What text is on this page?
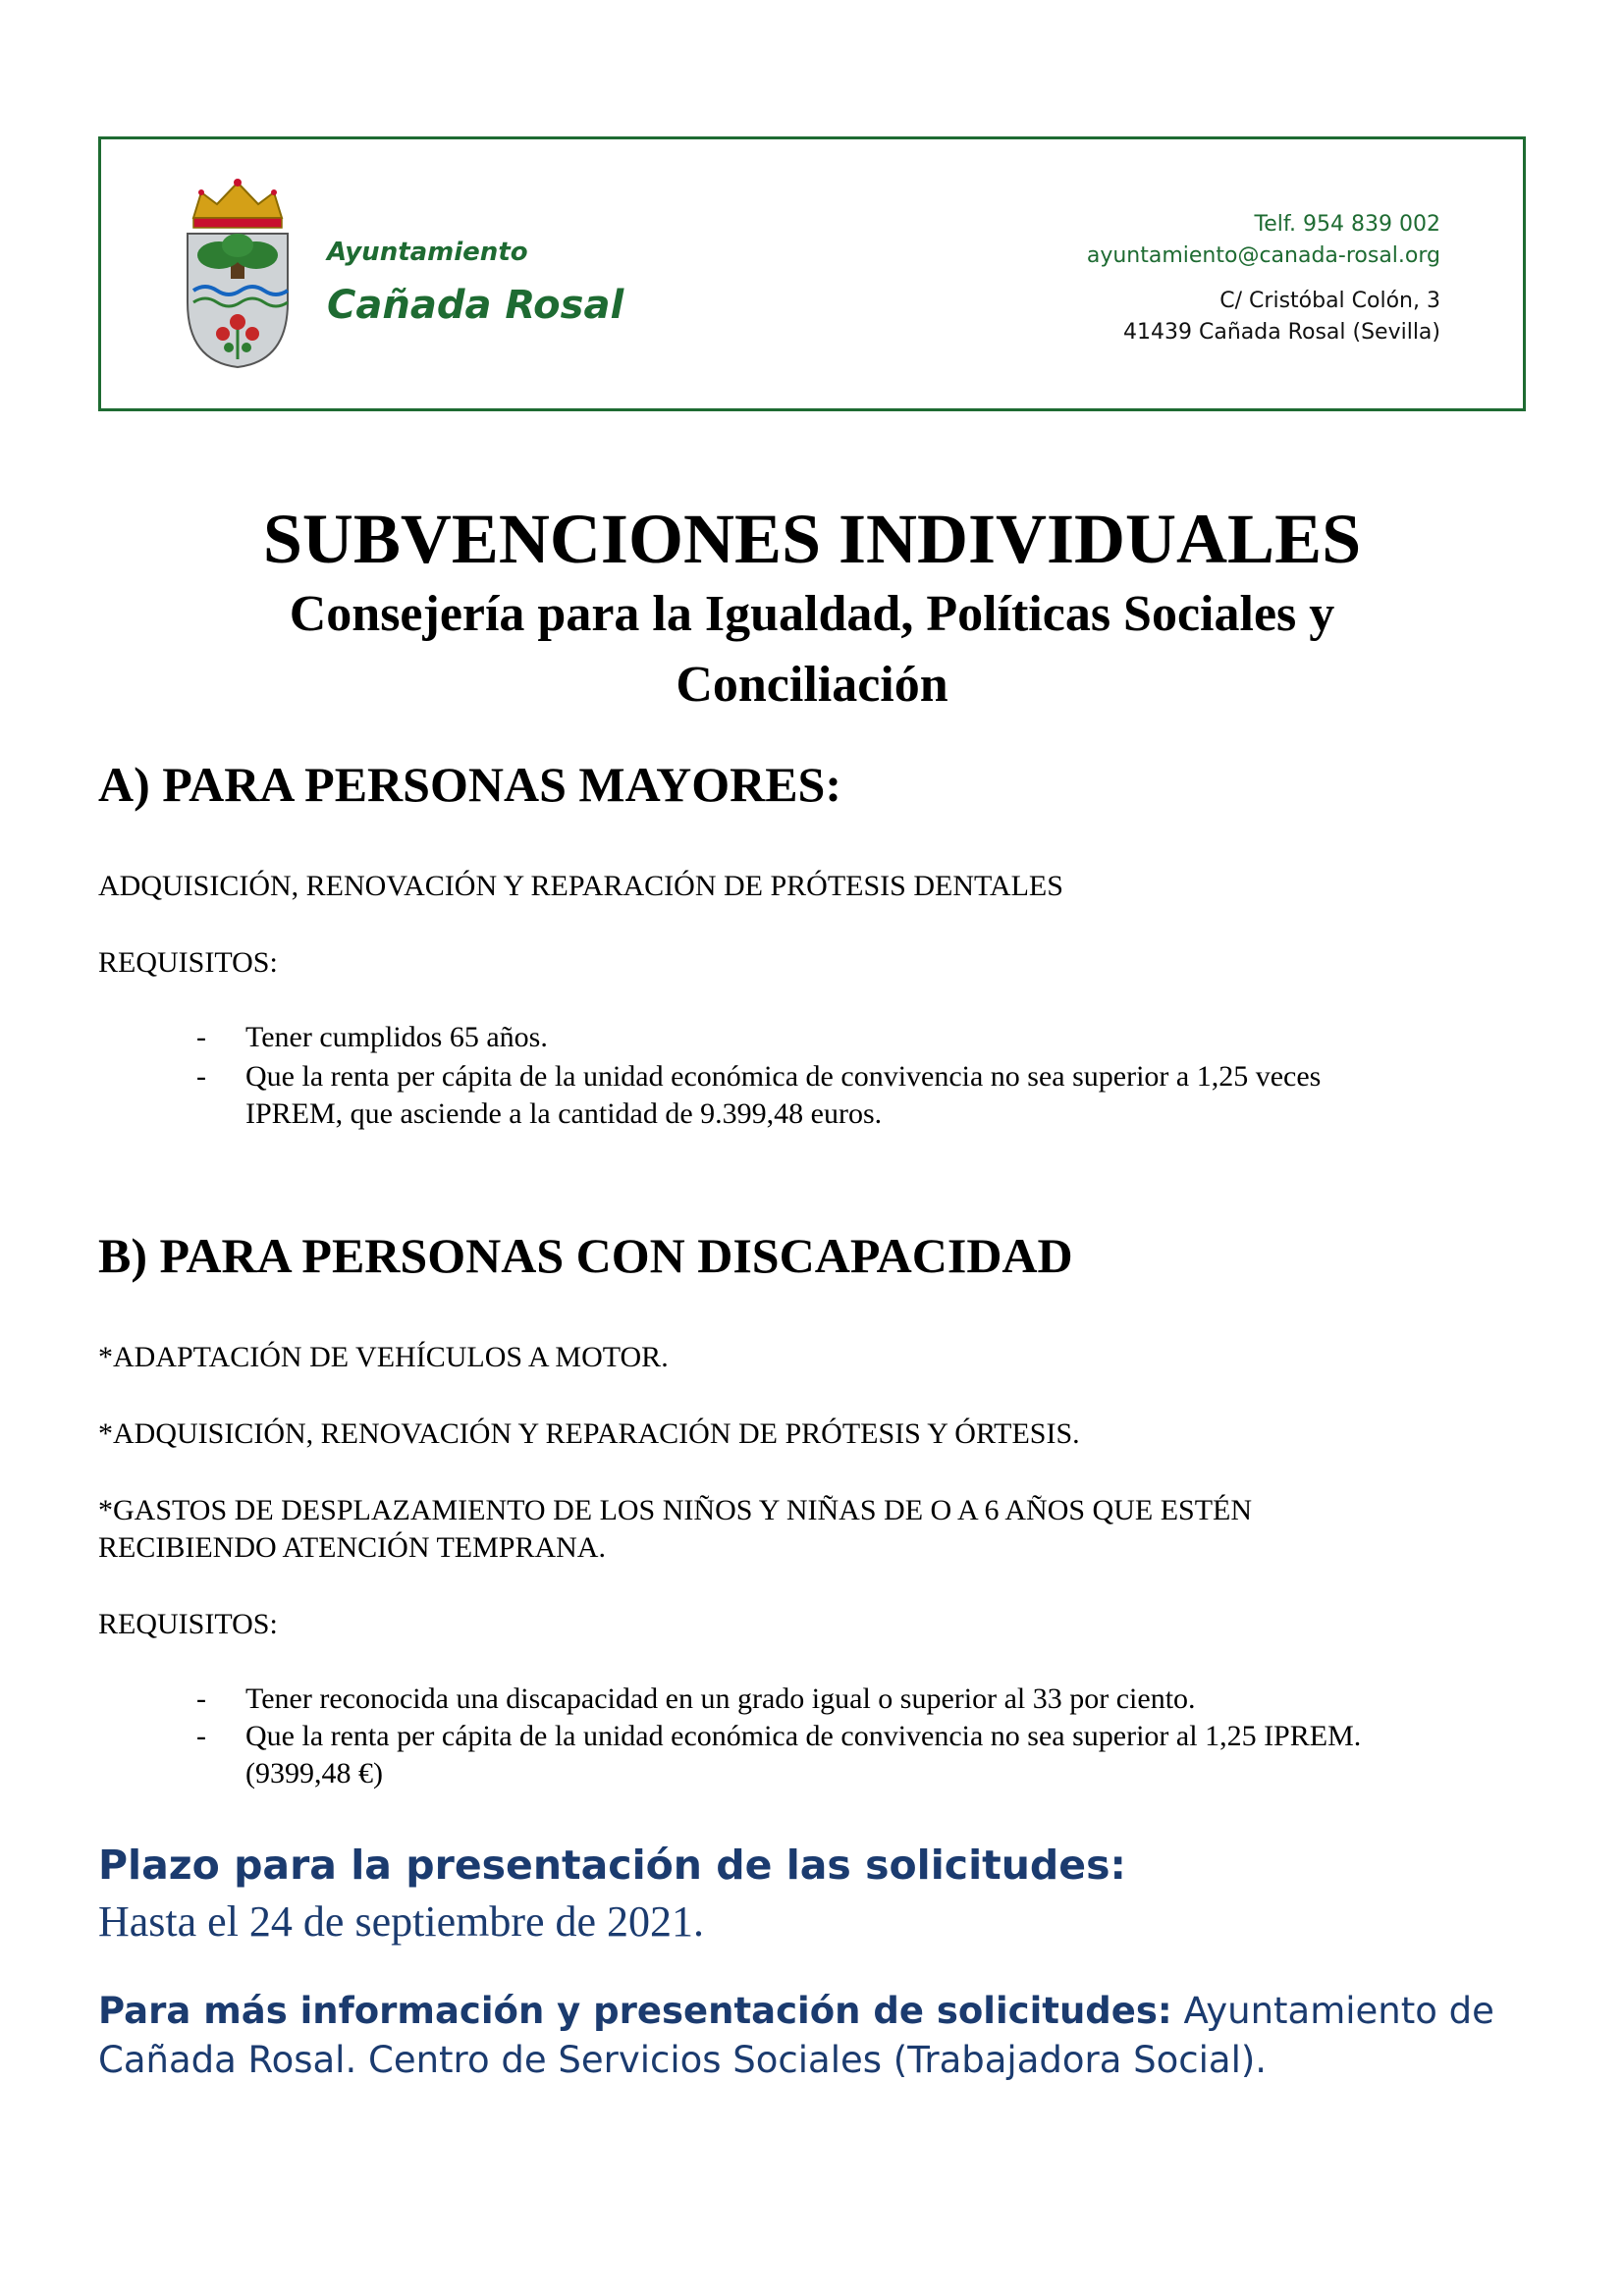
Ayuntamiento
Cañada Rosal
Telf. 954 839 002
ayuntamiento@canada-rosal.org
C/ Cristóbal Colón, 3
41439 Cañada Rosal (Sevilla)
SUBVENCIONES INDIVIDUALES
Consejería para la Igualdad, Políticas Sociales y
Conciliación
A) PARA PERSONAS MAYORES:
ADQUISICIÓN, RENOVACIÓN Y REPARACIÓN DE PRÓTESIS DENTALES
REQUISITOS:
- Tener cumplidos 65 años.
- Que la renta per cápita de la unidad económica de convivencia no sea superior a 1,25 veces
IPREM, que asciende a la cantidad de 9.399,48 euros.
B) PARA PERSONAS CON DISCAPACIDAD
*ADAPTACIÓN DE VEHÍCULOS A MOTOR.
*ADQUISICIÓN, RENOVACIÓN Y REPARACIÓN DE PRÓTESIS Y ÓRTESIS.
*GASTOS DE DESPLAZAMIENTO DE LOS NIÑOS Y NIÑAS DE O A 6 AÑOS QUE ESTÉN
RECIBIENDO ATENCIÓN TEMPRANA.
REQUISITOS:
- Tener reconocida una discapacidad en un grado igual o superior al 33 por ciento.
- Que la renta per cápita de la unidad económica de convivencia no sea superior al 1,25 IPREM.
(9399,48 €)
Plazo para la presentación de las solicitudes:
Hasta el 24 de septiembre de 2021.
Para más información y presentación de solicitudes: Ayuntamiento de Cañada Rosal. Centro de Servicios Sociales (Trabajadora Social).
